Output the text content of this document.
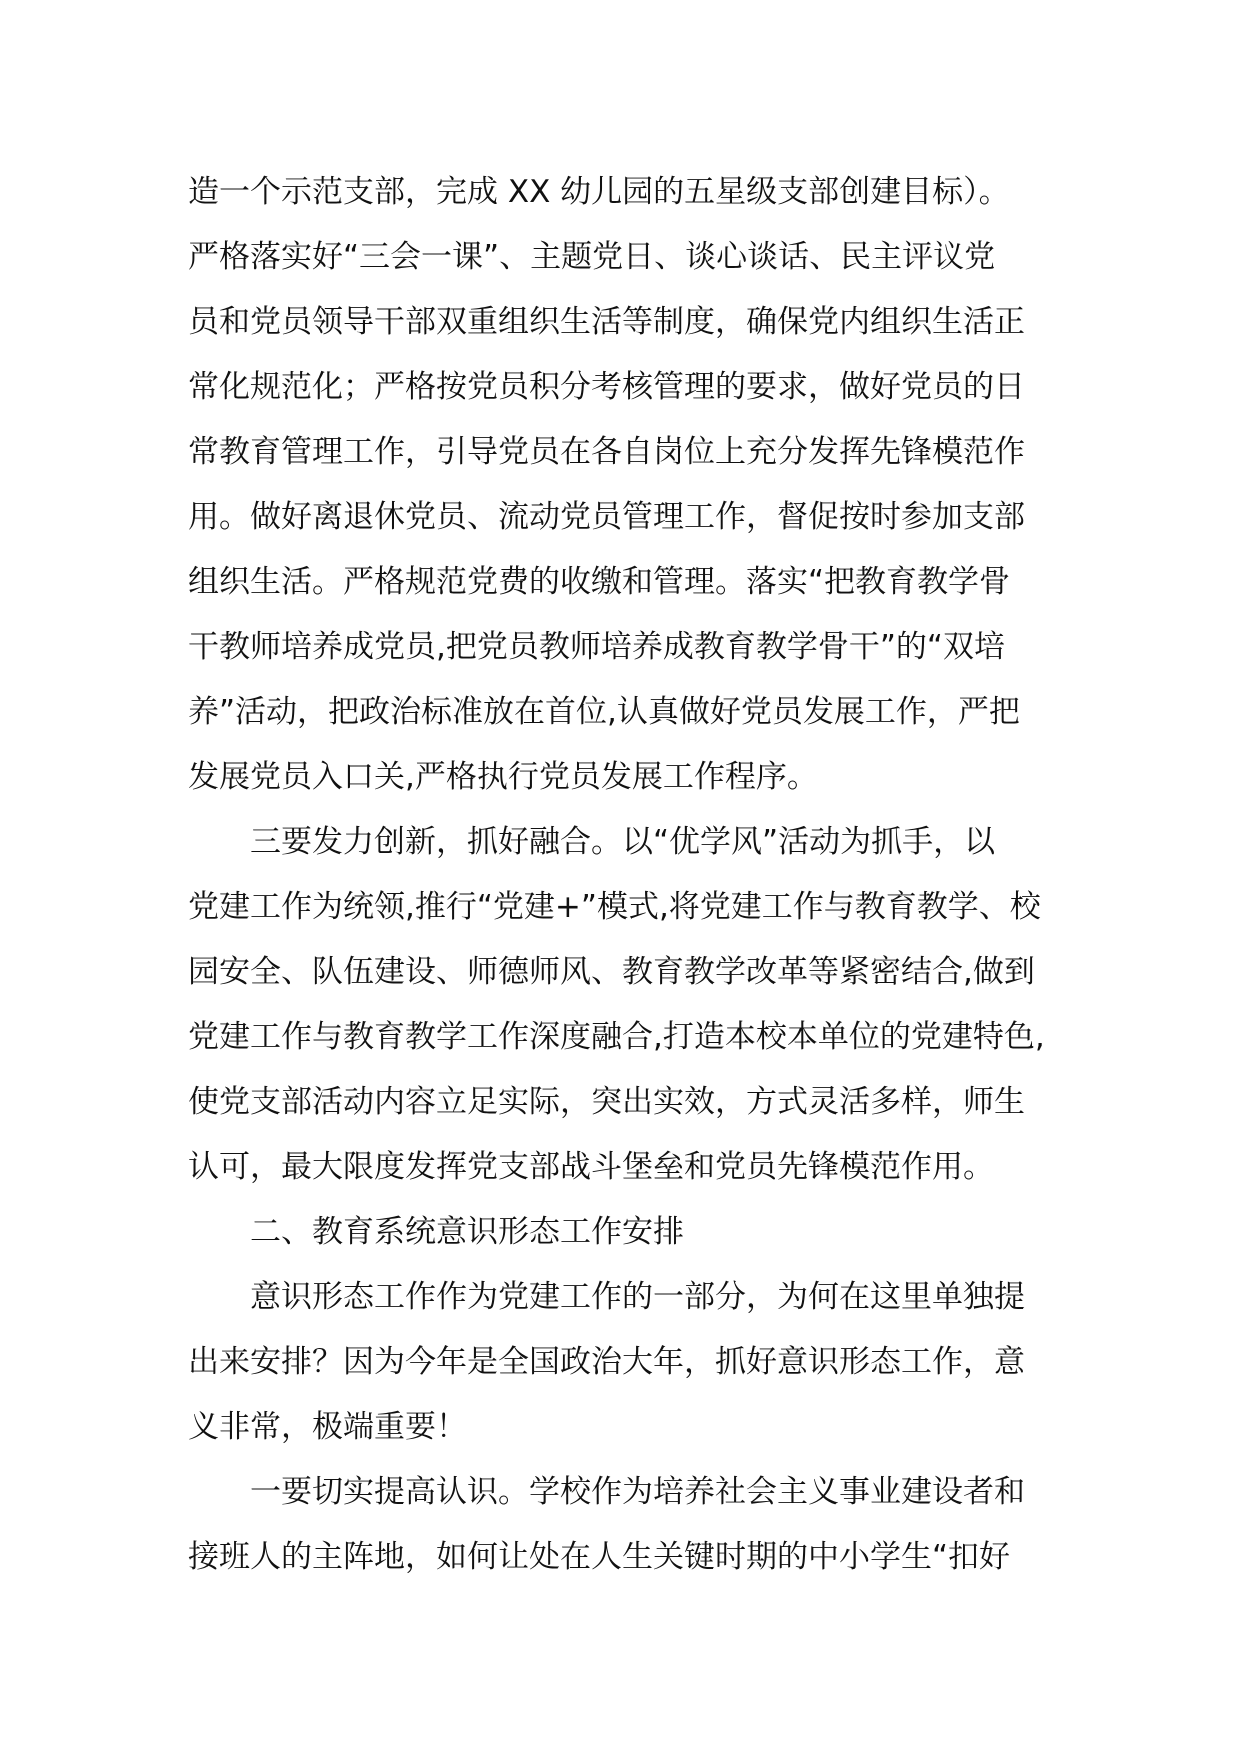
造一个示范支部，完成 XX 幼儿园的五星级支部创建目标）。
严格落实好“三会一课”、主题党日、谈心谈话、民主评议党
员和党员领导干部双重组织生活等制度，确保党内组织生活正
常化规范化；严格按党员积分考核管理的要求，做好党员的日
常教育管理工作，引导党员在各自岗位上充分发挥先锋模范作
用。做好离退休党员、流动党员管理工作，督促按时参加支部
组织生活。严格规范党费的收缴和管理。落实“把教育教学骨
干教师培养成党员,把党员教师培养成教育教学骨干”的“双培
养”活动，把政治标准放在首位,认真做好党员发展工作，严把
发展党员入口关,严格执行党员发展工作程序。
三要发力创新，抓好融合。以“优学风”活动为抓手，以
党建工作为统领,推行“党建+”模式,将党建工作与教育教学、校
园安全、队伍建设、师德师风、教育教学改革等紧密结合,做到
党建工作与教育教学工作深度融合,打造本校本单位的党建特色,
使党支部活动内容立足实际，突出实效，方式灵活多样，师生
认可，最大限度发挥党支部战斗堡垒和党员先锋模范作用。
二、教育系统意识形态工作安排
意识形态工作作为党建工作的一部分，为何在这里单独提
出来安排？因为今年是全国政治大年，抓好意识形态工作，意
义非常，极端重要！
一要切实提高认识。学校作为培养社会主义事业建设者和
接班人的主阵地，如何让处在人生关键时期的中小学生“扣好
